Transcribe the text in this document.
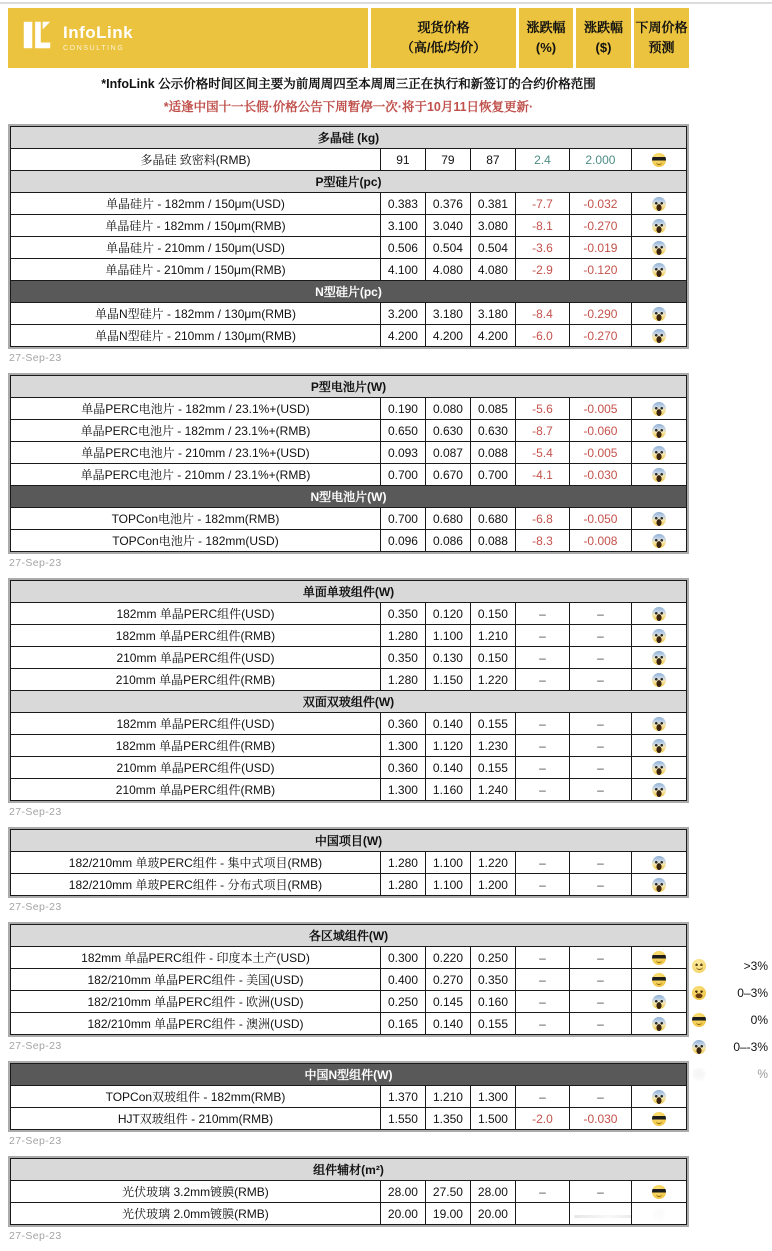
InfoLink
CONSULTING
现货价格
（高/低/均价）
涨跌幅
(%)
涨跌幅
($)
下周价格
预测
*InfoLink 公示价格时间区间主要为前周周四至本周周三正在执行和新签订的合约价格范围
*适逢中国十一长假·价格公告下周暂停一次·将于10月11日恢复更新·
多晶硅 (kg)						
多晶硅 致密料(RMB)	91	79	87	2.4	2.000	
P型硅片(pc)						
单晶硅片 - 182mm / 150μm(USD)	0.383	0.376	0.381	-7.7	-0.032	
单晶硅片 - 182mm / 150μm(RMB)	3.100	3.040	3.080	-8.1	-0.270	
单晶硅片 - 210mm / 150μm(USD)	0.506	0.504	0.504	-3.6	-0.019	
单晶硅片 - 210mm / 150μm(RMB)	4.100	4.080	4.080	-2.9	-0.120	
N型硅片(pc)						
单晶N型硅片 - 182mm / 130μm(RMB)	3.200	3.180	3.180	-8.4	-0.290	
单晶N型硅片 - 210mm / 130μm(RMB)	4.200	4.200	4.200	-6.0	-0.270	
27-Sep-23
P型电池片(W)						
单晶PERC电池片 - 182mm / 23.1%+(USD)	0.190	0.080	0.085	-5.6	-0.005	
单晶PERC电池片 - 182mm / 23.1%+(RMB)	0.650	0.630	0.630	-8.7	-0.060	
单晶PERC电池片 - 210mm / 23.1%+(USD)	0.093	0.087	0.088	-5.4	-0.005	
单晶PERC电池片 - 210mm / 23.1%+(RMB)	0.700	0.670	0.700	-4.1	-0.030	
N型电池片(W)						
TOPCon电池片 - 182mm(RMB)	0.700	0.680	0.680	-6.8	-0.050	
TOPCon电池片 - 182mm(USD)	0.096	0.086	0.088	-8.3	-0.008	
27-Sep-23
单面单玻组件(W)						
182mm 单晶PERC组件(USD)	0.350	0.120	0.150	–	–	
182mm 单晶PERC组件(RMB)	1.280	1.100	1.210	–	–	
210mm 单晶PERC组件(USD)	0.350	0.130	0.150	–	–	
210mm 单晶PERC组件(RMB)	1.280	1.150	1.220	–	–	
双面双玻组件(W)						
182mm 单晶PERC组件(USD)	0.360	0.140	0.155	–	–	
182mm 单晶PERC组件(RMB)	1.300	1.120	1.230	–	–	
210mm 单晶PERC组件(USD)	0.360	0.140	0.155	–	–	
210mm 单晶PERC组件(RMB)	1.300	1.160	1.240	–	–	
27-Sep-23
中国项目(W)						
182/210mm 单玻PERC组件 - 集中式项目(RMB)	1.280	1.100	1.220	–	–	
182/210mm 单玻PERC组件 - 分布式项目(RMB)	1.280	1.100	1.200	–	–	
27-Sep-23
各区域组件(W)						
182mm 单晶PERC组件 - 印度本土产(USD)	0.300	0.220	0.250	–	–	
182/210mm 单晶PERC组件 - 美国(USD)	0.400	0.270	0.350	–	–	
182/210mm 单晶PERC组件 - 欧洲(USD)	0.250	0.145	0.160	–	–	
182/210mm 单晶PERC组件 - 澳洲(USD)	0.165	0.140	0.155	–	–	
27-Sep-23
中国N型组件(W)						
TOPCon双玻组件 - 182mm(RMB)	1.370	1.210	1.300	–	–	
HJT双玻组件 - 210mm(RMB)	1.550	1.350	1.500	-2.0	-0.030	
27-Sep-23
组件辅材(m²)						
光伏玻璃 3.2mm镀膜(RMB)	28.00	27.50	28.00	–	–	
光伏玻璃 2.0mm镀膜(RMB)	20.00	19.00	20.00			
27-Sep-23
>3%
0–3%
0%
0–-3%
%
